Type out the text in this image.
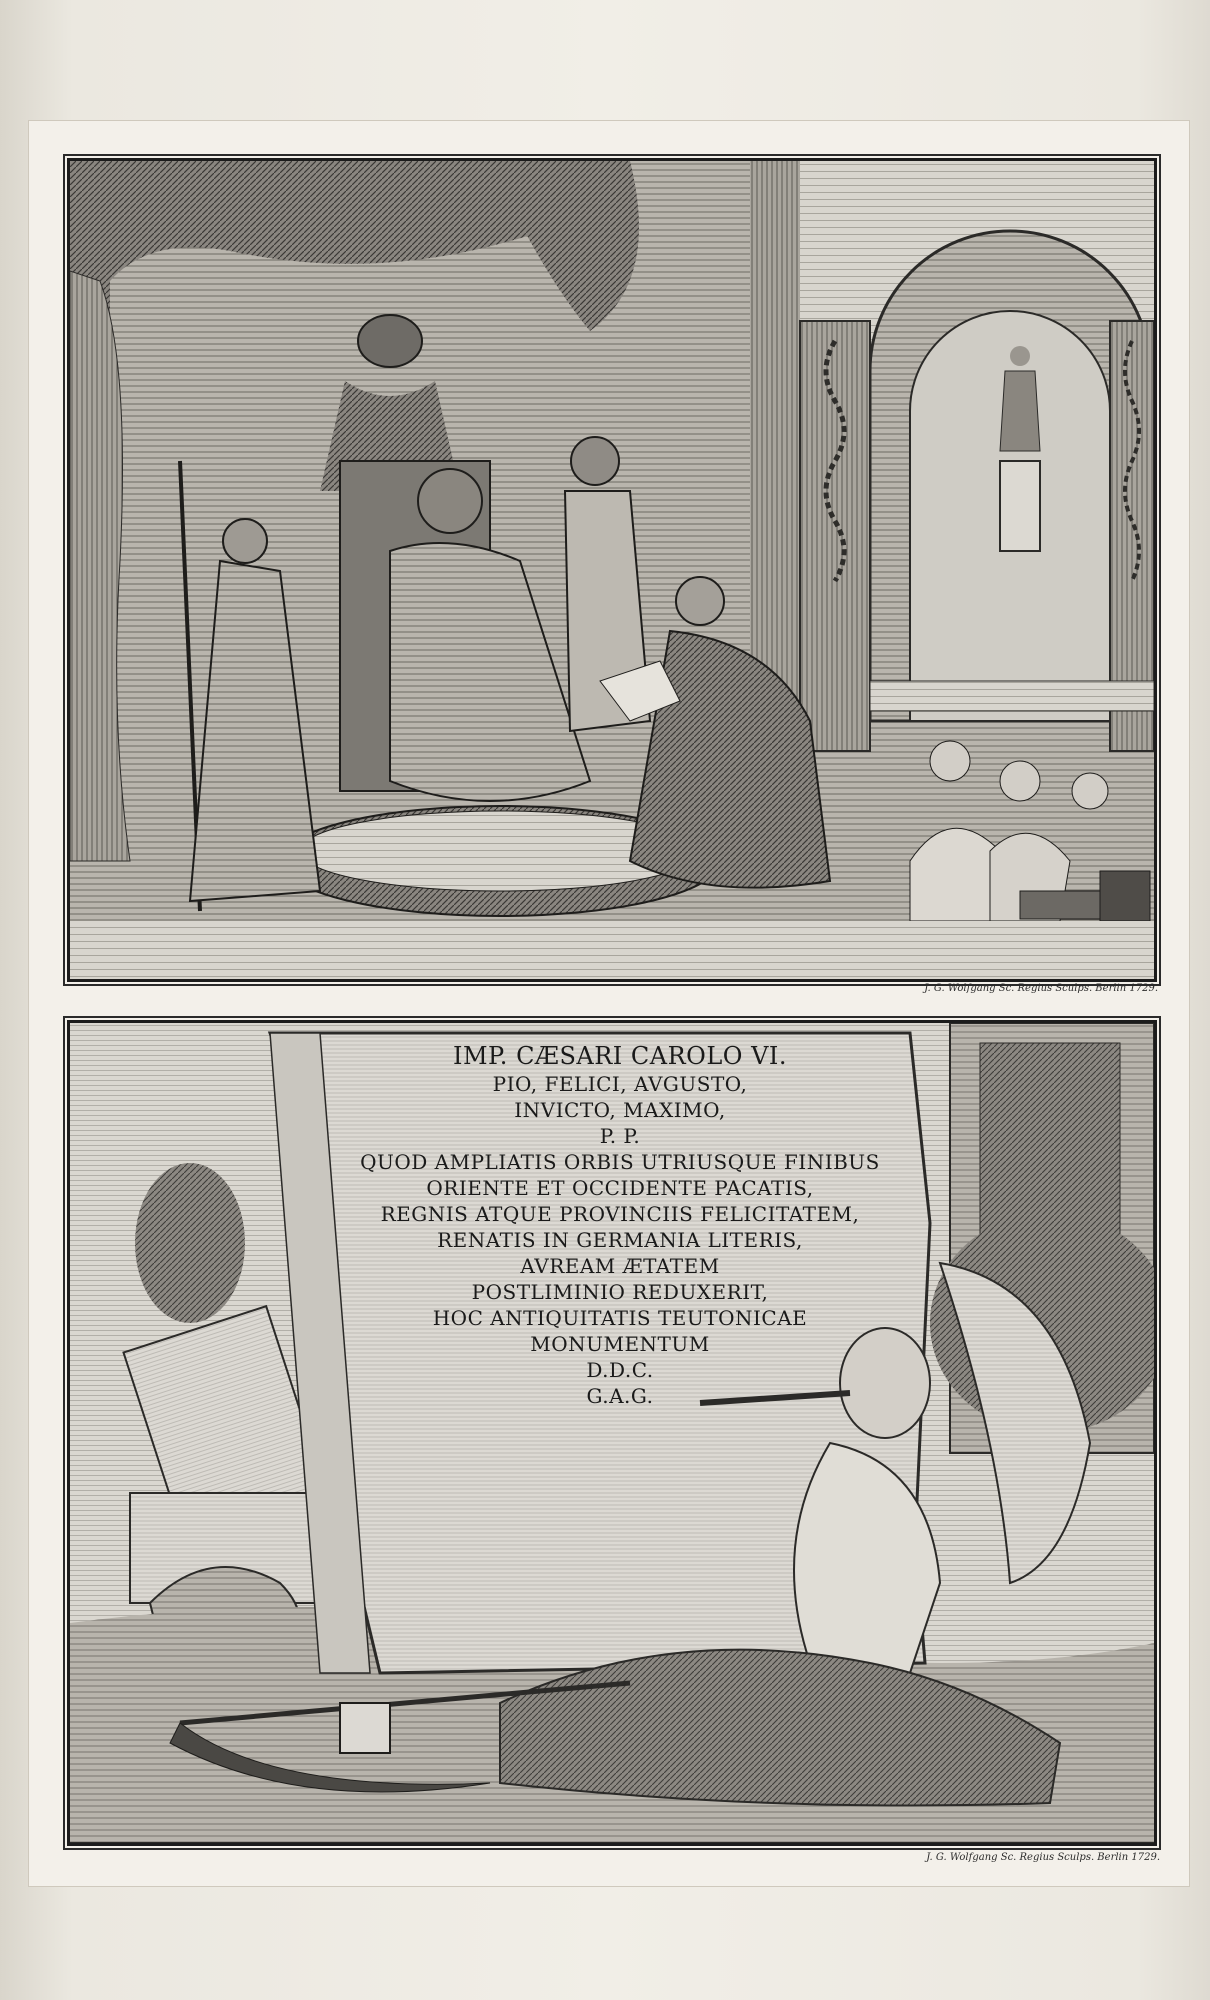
J. G. Wolfgang Sc. Regius Sculps. Berlin 1729.
IMP. CÆSARI CAROLO VI.
PIO, FELICI, AVGUSTO,
INVICTO, MAXIMO,
P. P.
QUOD AMPLIATIS ORBIS UTRIUSQUE FINIBUS
ORIENTE ET OCCIDENTE PACATIS,
REGNIS ATQUE PROVINCIIS FELICITATEM,
RENATIS IN GERMANIA LITERIS,
AVREAM ÆTATEM
POSTLIMINIO REDUXERIT,
HOC ANTIQUITATIS TEUTONICAE
MONUMENTUM
D.D.C.
G.A.G.
J. G. Wolfgang Sc. Regius Sculps. Berlin 1729.
